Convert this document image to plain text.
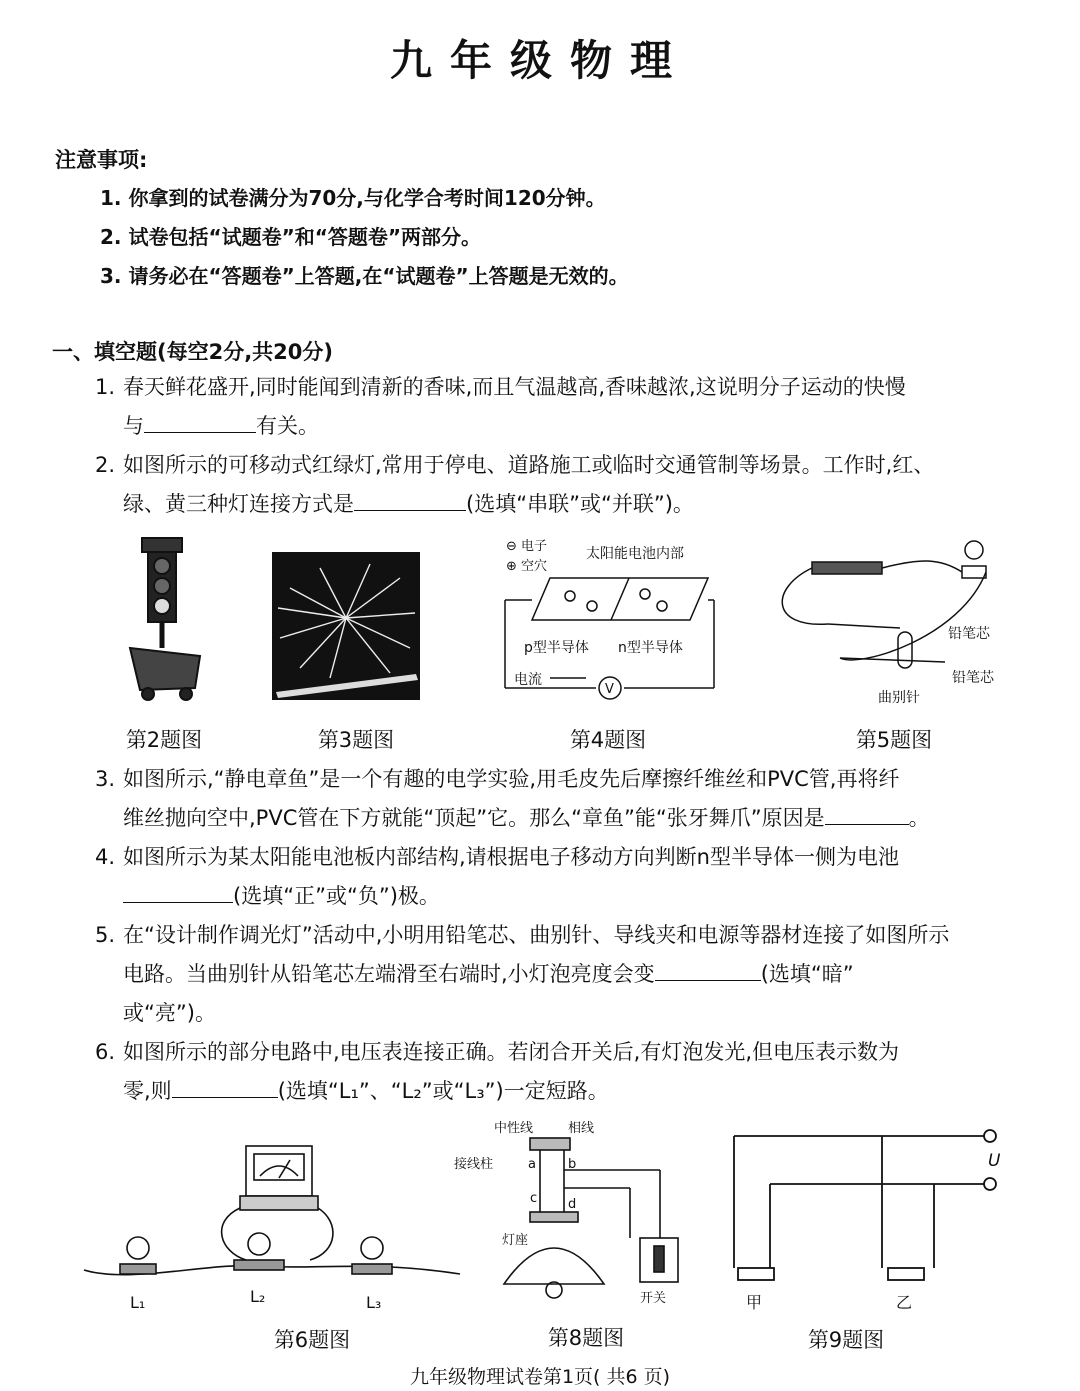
九年级物理
注意事项:
1. 你拿到的试卷满分为70分,与化学合考时间120分钟。
2. 试卷包括“试题卷”和“答题卷”两部分。
3. 请务必在“答题卷”上答题,在“试题卷”上答题是无效的。
一、填空题(每空2分,共20分)
1. 春天鲜花盛开,同时能闻到清新的香味,而且气温越高,香味越浓,这说明分子运动的快慢
与	有关。
2. 如图所示的可移动式红绿灯,常用于停电、道路施工或临时交通管制等场景。工作时,红、
绿、黄三种灯连接方式是	(选填“串联”或“并联”)。
⊖ 电子
⊕ 空穴
太阳能电池内部
V
p型半导体 n型半导体
电流
铅笔芯
铅笔芯
曲别针
第2题图	第3题图	第4题图	第5题图
3. 如图所示,“静电章鱼”是一个有趣的电学实验,用毛皮先后摩擦纤维丝和PVC管,再将纤
维丝抛向空中,PVC管在下方就能“顶起”它。那么“章鱼”能“张牙舞爪”原因是	。
4. 如图所示为某太阳能电池板内部结构,请根据电子移动方向判断n型半导体一侧为电池
(选填“正”或“负”)极。
5. 在“设计制作调光灯”活动中,小明用铅笔芯、曲别针、导线夹和电源等器材连接了如图所示
电路。当曲别针从铅笔芯左端滑至右端时,小灯泡亮度会变	(选填“暗”
或“亮”)。
6. 如图所示的部分电路中,电压表连接正确。若闭合开关后,有灯泡发光,但电压表示数为
零,则	(选填“L₁”、“L₂”或“L₃”)一定短路。
L₁	L₂	L₃
中性线	相线
接线柱	a b
c d
灯座
开关
U
甲	乙
第6题图	第8题图	第9题图
九年级物理试卷第1页( 共6 页)
